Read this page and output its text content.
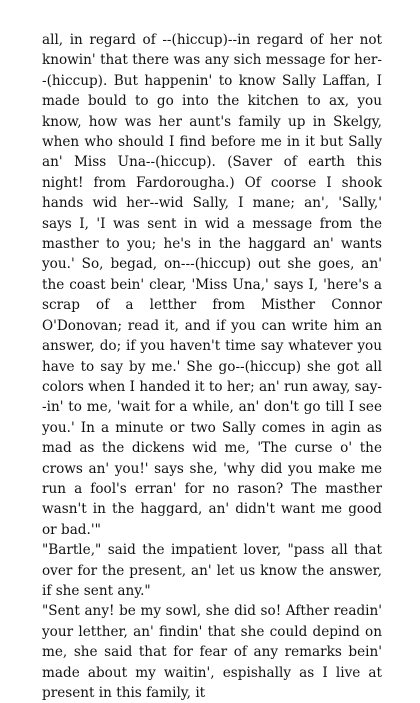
all, in regard of --(hiccup)--in regard of her not knowin' that there was any sich message for her--(hiccup). But happenin' to know Sally Laffan, I made bould to go into the kitchen to ax, you know, how was her aunt's family up in Skelgy, when who should I find before me in it but Sally an' Miss Una--(hiccup). (Saver of earth this night! from Fardorougha.) Of coorse I shook hands wid her--wid Sally, I mane; an', 'Sally,' says I, 'I was sent in wid a message from the masther to you; he's in the haggard an' wants you.' So, begad, on---(hiccup) out she goes, an' the coast bein' clear, 'Miss Una,' says I, 'here's a scrap of a letther from Misther Connor O'Donovan; read it, and if you can write him an answer, do; if you haven't time say whatever you have to say by me.' She go--(hiccup) she got all colors when I handed it to her; an' run away, say--in' to me, 'wait for a while, an' don't go till I see you.' In a minute or two Sally comes in agin as mad as the dickens wid me, 'The curse o' the crows an' you!' says she, 'why did you make me run a fool's erran' for no rason? The masther wasn't in the haggard, an' didn't want me good or bad.'"

"Bartle," said the impatient lover, "pass all that over for the present, an' let us know the answer, if she sent any."

"Sent any! be my sowl, she did so! Afther readin' your letther, an' findin' that she could depind on me, she said that for fear of any remarks bein' made about my waitin', espishally as I live at present in this family, it
